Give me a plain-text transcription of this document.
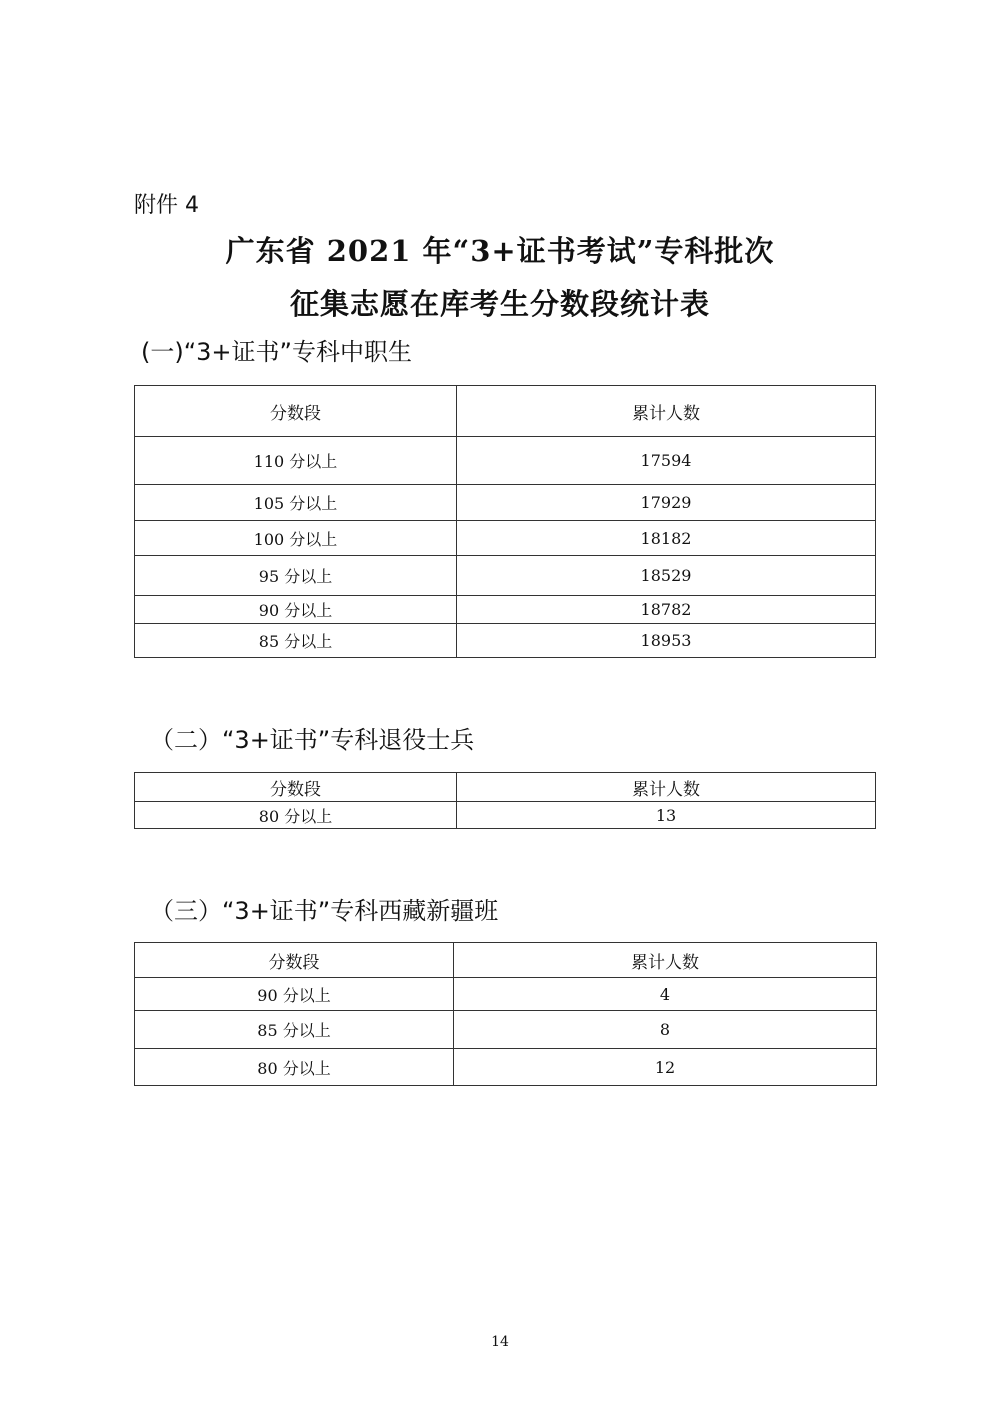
附件 4
广东省 2021 年“3+证书考试”专科批次
征集志愿在库考生分数段统计表
(一)“3+证书”专科中职生
分数段	累计人数
110 分以上	17594
105 分以上	17929
100 分以上	18182
95 分以上	18529
90 分以上	18782
85 分以上	18953
（二）“3+证书”专科退役士兵
分数段	累计人数
80 分以上	13
（三）“3+证书”专科西藏新疆班
分数段	累计人数
90 分以上	4
85 分以上	8
80 分以上	12
14
